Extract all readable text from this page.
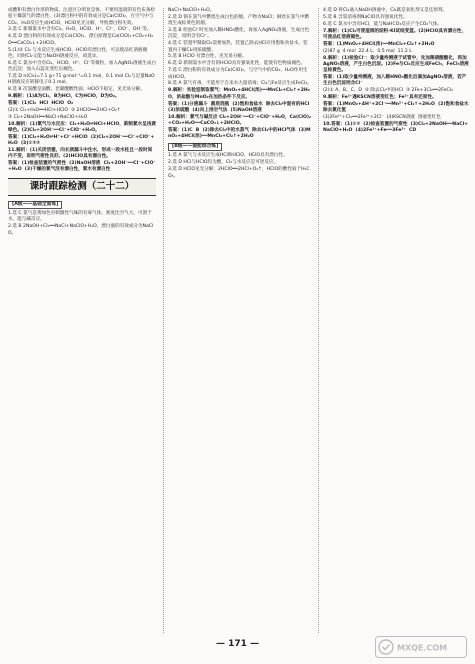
成酸和有漂白作用的物质，注意区分明显是体，不要用湿润的有色布条检验干燥氯气的漂白性。(3)漂白粉中的有效成分是Ca(ClO)₂，在空气中与CO₂、H₂O反应生成HClO，HClO见光分解，导致漂白粉失效。

3.选 C 新制氯水中含有Cl₂、H₂O、HClO、H⁺、Cl⁻、ClO⁻、OH⁻等。

4.选 D 漂白粉的有效成分是Ca(ClO)₂，漂白原理是Ca(ClO)₂+CO₂+H₂O══CaCO₃↓+2HClO。

5.(1)② Cl₂ 与水反应生成HClO，HClO有漂白性，可以使品红溶液褪色；同时Cl₂又能与NaOH溶液反应，故选②。

6.选 C 氯水中含有Cl₂、HClO、H⁺、Cl⁻等微粒，加入AgNO₃溶液生成白色沉淀；加入石蕊先变红后褪色。

7.选 D n(Cl₂)=7.1 g÷71 g·mol⁻¹=0.1 mol，0.1 mol Cl₂与足量NaOH溶液反应转移电子0.1 mol。

8.选 B 次氯酸是弱酸，比碳酸酸性弱；HClO不稳定，见光易分解。

9.解析：(1)A为Cl₂，B为HCl，C为HClO，D为O₂。

答案：(1)Cl₂  HCl  HClO  O₂

(2)① Cl₂+H₂O══HCl+HClO  ② 2HClO══2HCl+O₂↑

③ Cl₂+2NaOH══NaCl+NaClO+H₂O

10.解析：(1)氯气与水反应：Cl₂+H₂O⇌HCl+HClO，新制氯水呈浅黄绿色。(2)Cl₂+2OH⁻══Cl⁻+ClO⁻+H₂O。

答案：(1)Cl₂+H₂O⇌H⁺+Cl⁻+HClO  (2)Cl₂+2OH⁻══Cl⁻+ClO⁻+H₂O  (3)①②③

11.解析：(1)关闭活塞，向长颈漏斗中注水，形成一段水柱且一段时间内不变，说明气密性良好。(2)HClO具有漂白性。

答案：(1)检查装置的气密性  (2)NaOH溶液  Cl₂+2OH⁻══Cl⁻+ClO⁻+H₂O  (3)干燥的氯气没有漂白性，氯水有漂白性

课时跟踪检测（二十二）
[A级——基础全面练]

1.选 C 氯气是黄绿色有刺激性气味的有毒气体，密度比空气大，可溶于水，能与碱反应。

2.选 B 2NaOH+Cl₂══NaCl+NaClO+H₂O，漂白液的有效成分为NaClO。

NaCl+NaClO+H₂O。

2.选 D 钠在氯气中燃烧生成白色的烟，产物为NaCl；铜丝在氯气中燃烧生成棕黄色的烟。

3.选 B 检验Cl⁻时先加入稀HNO₃酸化，再加入AgNO₃溶液，生成白色沉淀，说明含有Cl⁻。

4.选 C 装置甲制取Cl₂需要加热，装置乙除去HCl应用饱和食盐水，装置丙干燥Cl₂用浓硫酸。

5.选 B HClO 有漂白性，见光易分解。

6.选 D 新制氯水中含有的HClO具有强氧化性，能使有色物质褪色。

7.选 C 漂白粉的有效成分为Ca(ClO)₂，与空气中的CO₂、H₂O作用生成HClO。

8.选 A 氯气有毒，不能用于自来水大量消毒；Cl₂与Fe反应生成FeCl₃。

9.解析：实验室制取氯气：MnO₂+4HCl(浓)══MnCl₂+Cl₂↑+2H₂O，浓盐酸与MnO₂在加热条件下反应。

答案：(1)分液漏斗  圆底烧瓶  (2)饱和食盐水  除去Cl₂中混有的HCl  (3)浓硫酸  (4)向上排空气法  (5)NaOH溶液

10.解析：氯气与碱反应 Cl₂+2OH⁻══Cl⁻+ClO⁻+H₂O，Ca(ClO)₂+CO₂+H₂O══CaCO₃↓+2HClO。

答案：(1)C  B  (2)除去Cl₂中的水蒸气  除去Cl₂中的HCl气体  (3)MnO₂+4HCl(浓)══MnCl₂+Cl₂↑+2H₂O

[B级——提能综合练]

1.选 A 氯气与水反应生成HCl和HClO，HClO具有漂白性。

2.选 D HCl与HClO均为酸，Cl₂与水反应是可逆反应。

3.选 D HClO见光分解：2HClO══2HCl+O₂↑，HClO的酸性弱于H₂CO₃。

4.选 D 将Cl₂通入NaOH溶液中，Cl₂既是氧化剂又是还原剂。

5.选 B 含氯消毒剂NaClO具有强氧化性。

6.选 C 氯水中含有HCl，能与NaHCO₃反应产生CO₂气体。

7.解析：(1)Cl₂可使湿润的淀粉-KI试纸变蓝。(2)HClO具有漂白性，可使品红溶液褪色。

答案：(1)MnO₂+4HCl(浓)══MnCl₂+Cl₂↑+2H₂O

(2)87 g  4 mol  22.4 L；0.5 mol  11.2 L

8.解析：(1)检验Cl⁻：取少量待测液于试管中，先加稀硝酸酸化，再加AgNO₃溶液，产生白色沉淀。(2)Fe与Cl₂反应生成FeCl₃，FeCl₃溶液呈棕黄色。

答案：(1)取少量待测液，加入稀HNO₃酸化后滴加AgNO₃溶液，若产生白色沉淀则含Cl⁻

(2)① A、B、C、D  ② 除去Cl₂中的HCl  ③ 2Fe+3Cl₂══2FeCl₃

9.解析：Fe³⁺遇KSCN溶液变红色；Fe²⁺具有还原性。

答案：(1)MnO₂+4H⁺+2Cl⁻══Mn²⁺+Cl₂↑+2H₂O  (2)饱和食盐水  除去氯化氢

(3)2Fe²⁺+Cl₂══2Fe³⁺+2Cl⁻  (4)KSCN溶液  溶液变红色

10.答案：(1)①②  (2)检查装置的气密性  (3)Cl₂+2NaOH══NaCl+NaClO+H₂O  (4)2Fe³⁺+Fe══3Fe²⁺  CD

— 171 —	MXQE.COM
